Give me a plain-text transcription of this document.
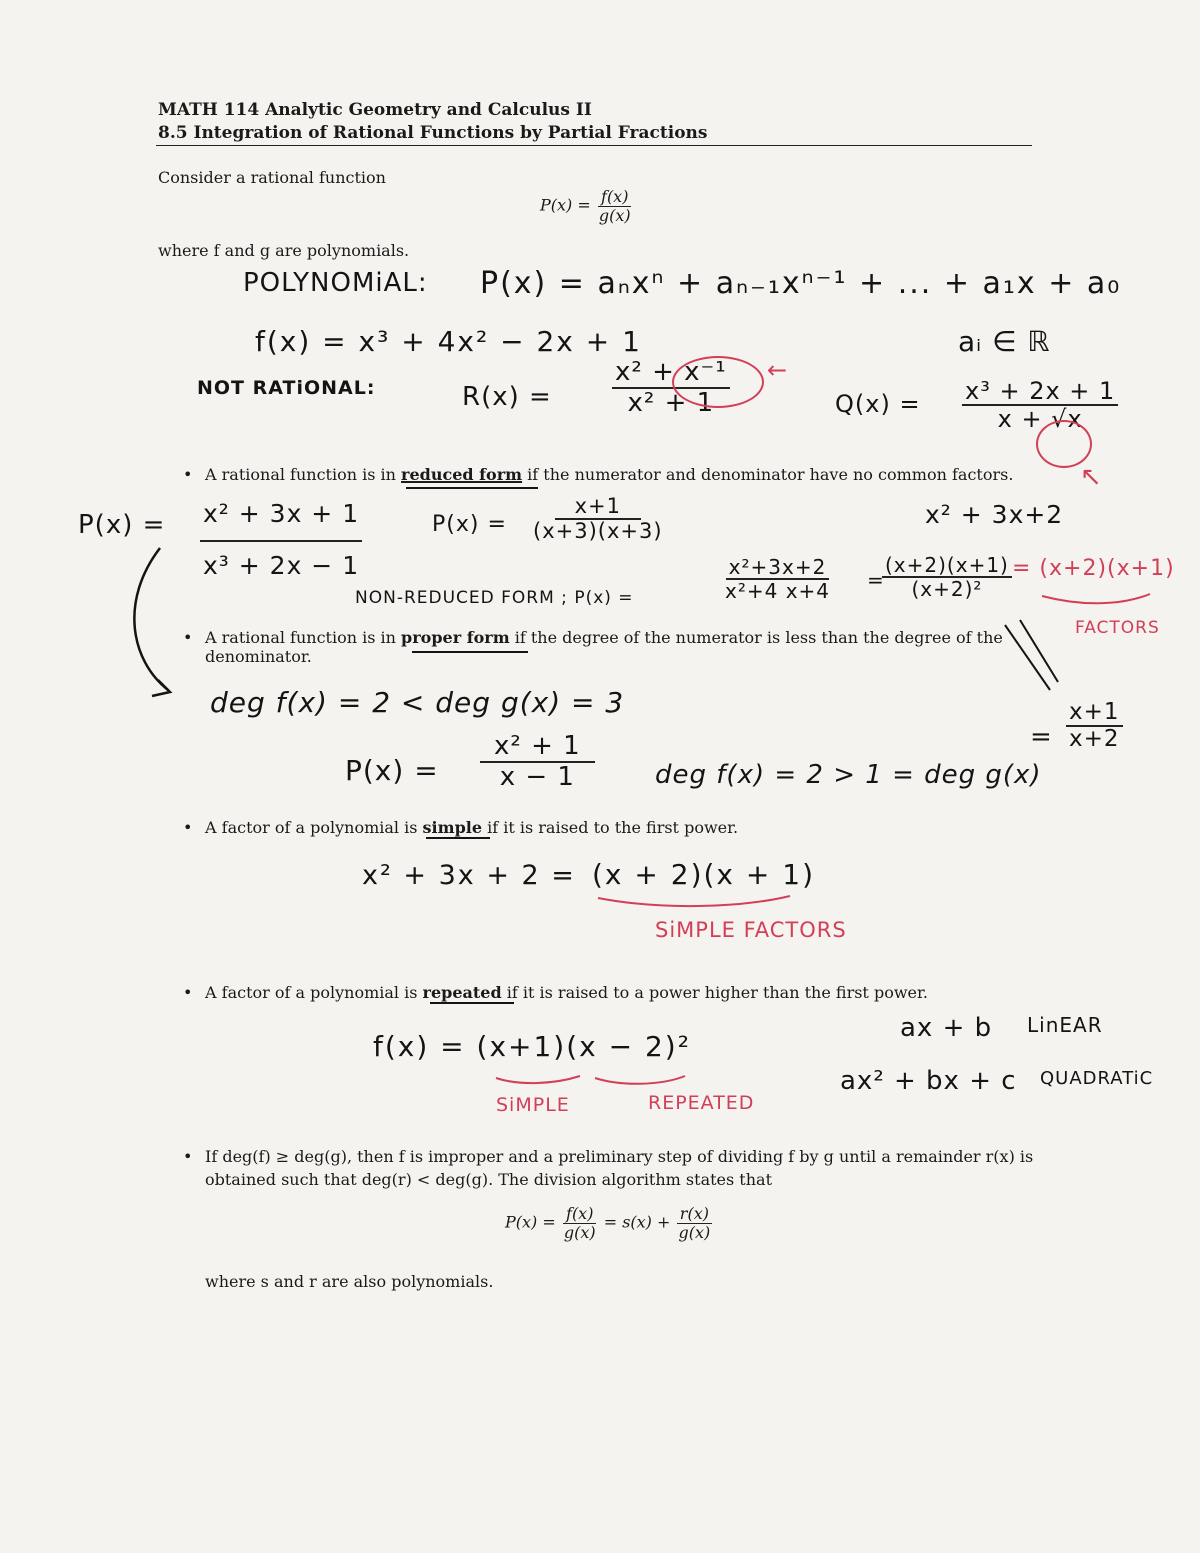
MATH 114 Analytic Geometry and Calculus II
8.5 Integration of Rational Functions by Partial Fractions
Consider a rational function
$P(x) = \frac{f(x)}{g(x)}$
where f and g are polynomials.
POLYNOMiAL: P(x) = aₙxⁿ + aₙ₋₁xⁿ⁻¹ + ... + a₁x + a₀
f(x) = x³ + 4x² − 2x + 1	aᵢ ∈ ℝ
NOT RATiONAL:	$R(x) = \frac{\text{x² + x⁻¹}}{\text{x² + 1}}$ ←
$Q(x) = \frac{\text{x³ + 2x + 1}}{x + √x}$
↖
• A rational function is in reduced form if the numerator and denominator have no common factors.
$P(x) = \frac{\text{x² + 3x + 1}}{\text{x³ + 2x − 1}}$	$P(x) = \frac{x+1}{(x+3)(x+3)}$	x² + 3x+2
NON-REDUCED FORM ; P(x) =	$\frac{\text{x²+3x+2}}{\text{x²+4 x+4}}$ =
$\frac{(x+2)(x+1)}{\text{(x+2)²}} = (x+2)(x+1)$
FACTORS
= $\frac{x+1}{x+2}$
• A rational function is in proper form if the degree of the numerator is less than the degree of the denominator.
deg f(x) = 2 < deg g(x) = 3
$P(x) = \frac{\text{x² + 1}}{x - 1}$ deg f(x) = 2 > 1 = deg g(x)
• A factor of a polynomial is simple if it is raised to the first power.
x² + 3x + 2 = (x + 2)(x + 1)
SiMPLE FACTORS
• A factor of a polynomial is repeated if it is raised to a power higher than the first power.
f(x) = (x+1)(x − 2)²
SiMPLE	REPEATED
ax + b LinEAR
ax² + bx + c QUADRATiC
• If deg(f) ≥ deg(g), then f is improper and a preliminary step of dividing f by g until a remainder r(x) is obtained such that deg(r) < deg(g). The division algorithm states that
$P(x) = \frac{f(x)}{g(x)} = s(x) + \frac{r(x)}{g(x)}$
where s and r are also polynomials.
